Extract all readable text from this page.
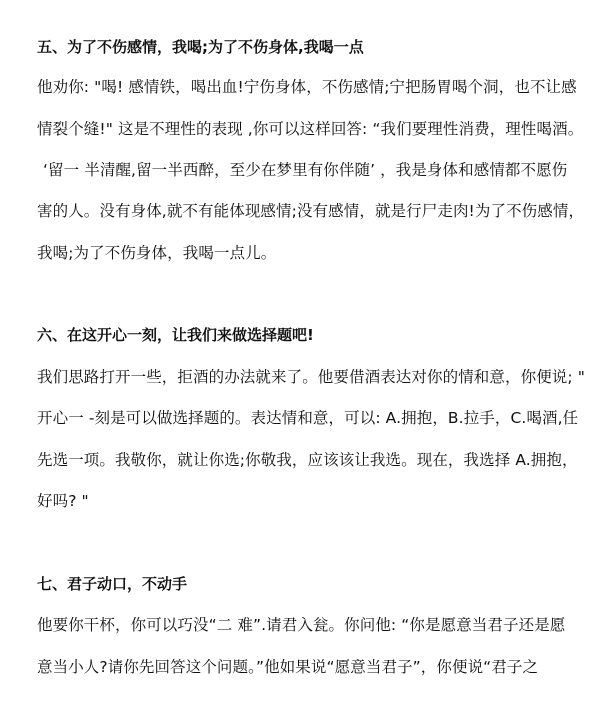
五、为了不伤感情，我喝;为了不伤身体,我喝一点

他劝你: "喝! 感情铁，喝出血!宁伤身体，不伤感情;宁把肠胃喝个洞，也不让感

情裂个缝!" 这是不理性的表现 ,你可以这样回答: “我们要理性消费，理性喝酒。

‘留一 半清醒,留一半西醉，至少在梦里有你伴随’ ，我是身体和感情都不愿伤

害的人。没有身体,就不有能体现感情;没有感情，就是行尸走肉!为了不伤感情，

我喝;为了不伤身体，我喝一点儿。

六、在这开心一刻，让我们来做选择题吧!

我们思路打开一些，拒酒的办法就来了。他要借酒表达对你的情和意，你便说; "

开心一 -刻是可以做选择题的。表达情和意，可以: A.拥抱，B.拉手，C.喝酒,任

先选一项。我敬你，就让你选;你敬我，应该该让我选。现在，我选择 A.拥抱，

好吗? "

七、君子动口，不动手

他要你干杯，你可以巧没“二 难”.请君入瓮。你问他: “你是愿意当君子还是愿

意当小人?请你先回答这个问题。”他如果说“愿意当君子”，你便说“君子之
